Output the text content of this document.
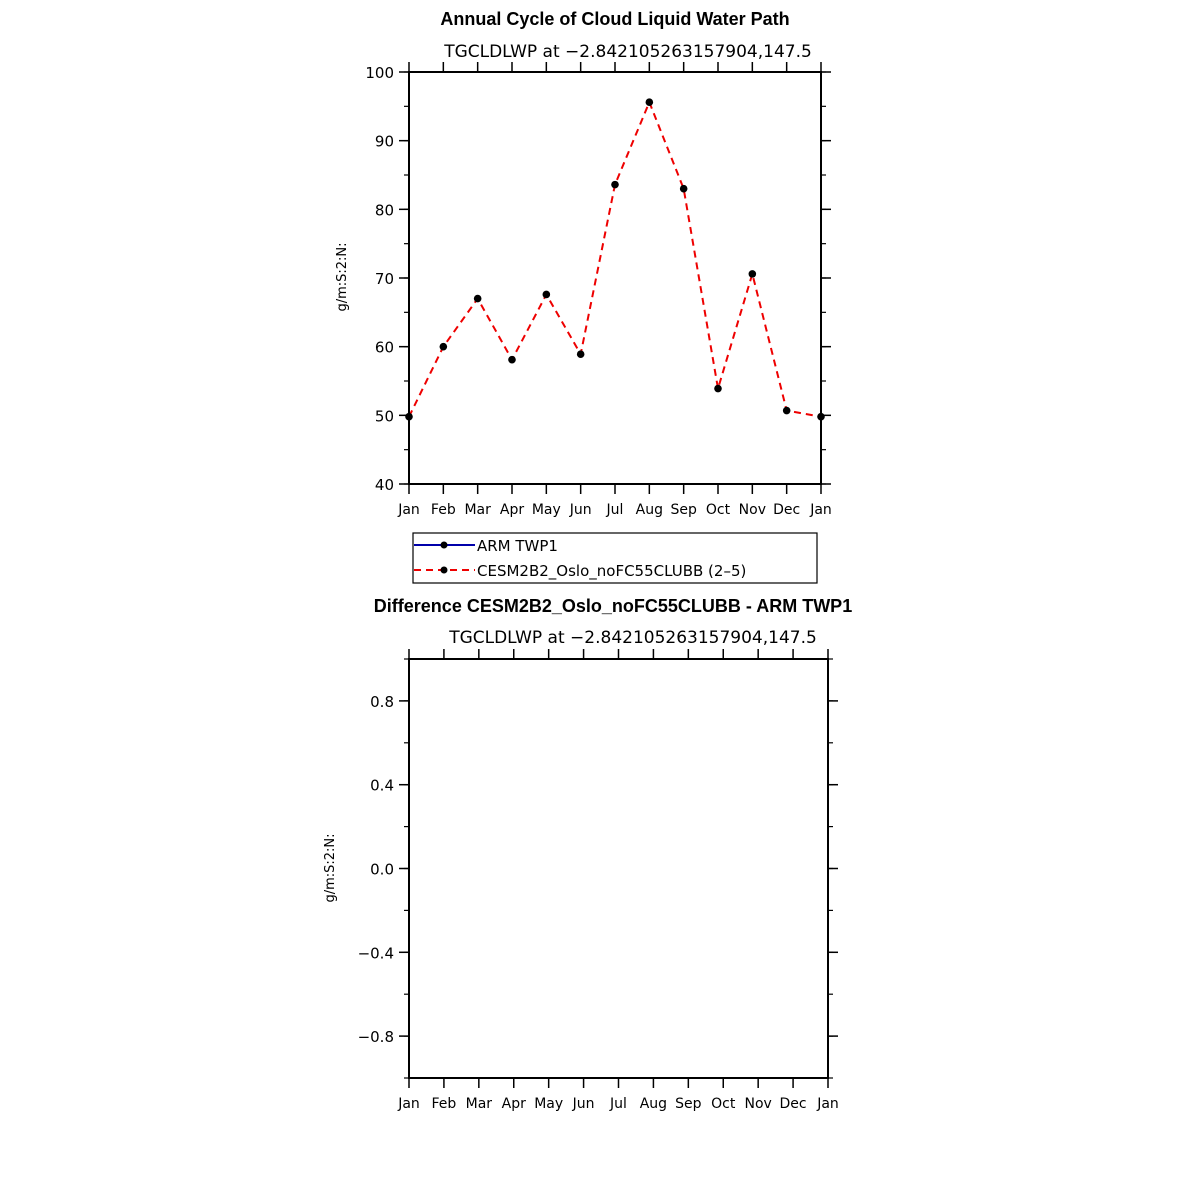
Annual Cycle of Cloud Liquid Water Path
TGCLDLWP at −2.842105263157904,147.5
g/m:S:2:N:
40
50
60
70
80
90
100
Jan Feb Mar Apr May Jun Jul Aug Sep Oct Nov Dec Jan
ARM TWP1
CESM2B2_Oslo_noFC55CLUBB (2–5)
Difference CESM2B2_Oslo_noFC55CLUBB - ARM TWP1
TGCLDLWP at −2.842105263157904,147.5
g/m:S:2:N:
−0.8
−0.4
0.0
0.4
0.8
Jan Feb Mar Apr May Jun Jul Aug Sep Oct Nov Dec Jan
